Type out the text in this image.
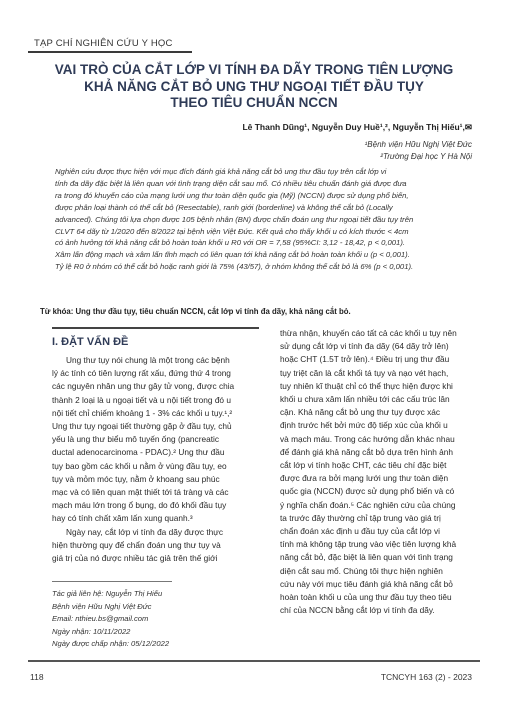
TẠP CHÍ NGHIÊN CỨU Y HỌC
VAI TRÒ CỦA CẮT LỚP VI TÍNH ĐA DÃY TRONG TIÊN LƯỢNG
KHẢ NĂNG CẮT BỎ UNG THƯ NGOẠI TIẾT ĐẦU TỤY
THEO TIÊU CHUẨN NCCN
Lê Thanh Dũng¹, Nguyễn Duy Huề¹,², Nguyễn Thị Hiếu¹,✉
¹Bệnh viện Hữu Nghị Việt Đức
²Trường Đại học Y Hà Nội

Nghiên cứu được thực hiện với mục đích đánh giá khả năng cắt bỏ ung thư đầu tụy trên cắt lớp vi

tính đa dãy đặc biệt là liên quan với tình trạng diện cắt sau mổ. Có nhiều tiêu chuẩn đánh giá được đưa

ra trong đó khuyến cáo của mạng lưới ung thư toàn diện quốc gia (Mỹ) (NCCN) được sử dụng phổ biến,

được phân loại thành có thể cắt bỏ (Resectable), ranh giới (borderline) và không thể cắt bỏ (Locally

advanced). Chúng tôi lựa chọn được 105 bệnh nhân (BN) được chẩn đoán ung thư ngoại tiết đầu tụy trên

CLVT 64 dãy từ 1/2020 đến 8/2022 tại bệnh viện Việt Đức. Kết quả cho thấy khối u có kích thước < 4cm

có ảnh hưởng tới khả năng cắt bỏ hoàn toàn khối u R0 với OR = 7,58 (95%CI: 3,12 - 18,42, p < 0,001).

Xâm lấn động mạch và xâm lấn tĩnh mạch có liên quan tới khả năng cắt bỏ hoàn toàn khối u (p < 0,001).

Tỷ lệ R0 ở nhóm có thể cắt bỏ hoặc ranh giới là 75% (43/57), ở nhóm không thể cắt bỏ là 6% (p < 0,001).

Từ khóa: Ung thư đầu tụy, tiêu chuẩn NCCN, cắt lớp vi tính đa dãy, khả năng cắt bỏ.
I. ĐẶT VẤN ĐỀ

Ung thư tụy nói chung là một trong các bệnh

lý ác tính có tiên lượng rất xấu, đứng thứ 4 trong
các nguyên nhân ung thư gây tử vong, được chia
thành 2 loại là u ngoại tiết và u nội tiết trong đó u
nội tiết chỉ chiếm khoảng 1 - 3% các khối u tụy.¹,²
Ung thư tụy ngoại tiết thường gặp ở đầu tụy, chủ
yếu là ung thư biểu mô tuyến ống (pancreatic
ductal adenocarcinoma - PDAC).² Ung thư đầu
tụy bao gồm các khối u nằm ở vùng đầu tụy, eo
tụy và mỏm móc tụy, nằm ở khoang sau phúc
mạc và có liên quan mật thiết tới tá tràng và các
mạch máu lớn trong ổ bụng, do đó khối đầu tụy
hay có tính chất xâm lấn xung quanh.³

Ngày nay, cắt lớp vi tính đa dãy được thực

hiện thường quy để chẩn đoán ung thư tụy và
giá trị của nó được nhiều tác giả trên thế giới
thừa nhận, khuyến cáo tất cả các khối u tụy nên
sử dụng cắt lớp vi tính đa dãy (64 dãy trở lên)
hoặc CHT (1.5T trở lên).⁴ Điều trị ung thư đầu
tụy triệt căn là cắt khối tá tụy và nạo vét hạch,
tuy nhiên kĩ thuật chỉ có thể thực hiện được khi
khối u chưa xâm lấn nhiều tới các cấu trúc lân
cận. Khả năng cắt bỏ ung thư tụy được xác
định trước hết bởi mức độ tiếp xúc của khối u
và mạch máu. Trong các hướng dẫn khác nhau
để đánh giá khả năng cắt bỏ dựa trên hình ảnh
cắt lớp vi tính hoặc CHT, các tiêu chí đặc biệt
được đưa ra bởi mạng lưới ung thư toàn diện
quốc gia (NCCN) được sử dụng phổ biến và có
ý nghĩa chẩn đoán.⁵ Các nghiên cứu của chúng
ta trước đây thường chỉ tập trung vào giá trị
chẩn đoán xác định u đầu tụy của cắt lớp vi
tính mà không tập trung vào việc tiên lượng khả
năng cắt bỏ, đặc biệt là liên quan với tình trạng
diện cắt sau mổ. Chúng tôi thực hiện nghiên
cứu này với mục tiêu đánh giá khả năng cắt bỏ
hoàn toàn khối u của ung thư đầu tụy theo tiêu
chí của NCCN bằng cắt lớp vi tính đa dãy.
Tác giả liên hệ: Nguyễn Thị Hiếu
Bệnh viện Hữu Nghị Việt Đức
Email: nthieu.bs@gmail.com
Ngày nhận: 10/11/2022
Ngày được chấp nhận: 05/12/2022
118	TCNCYH 163 (2) - 2023
